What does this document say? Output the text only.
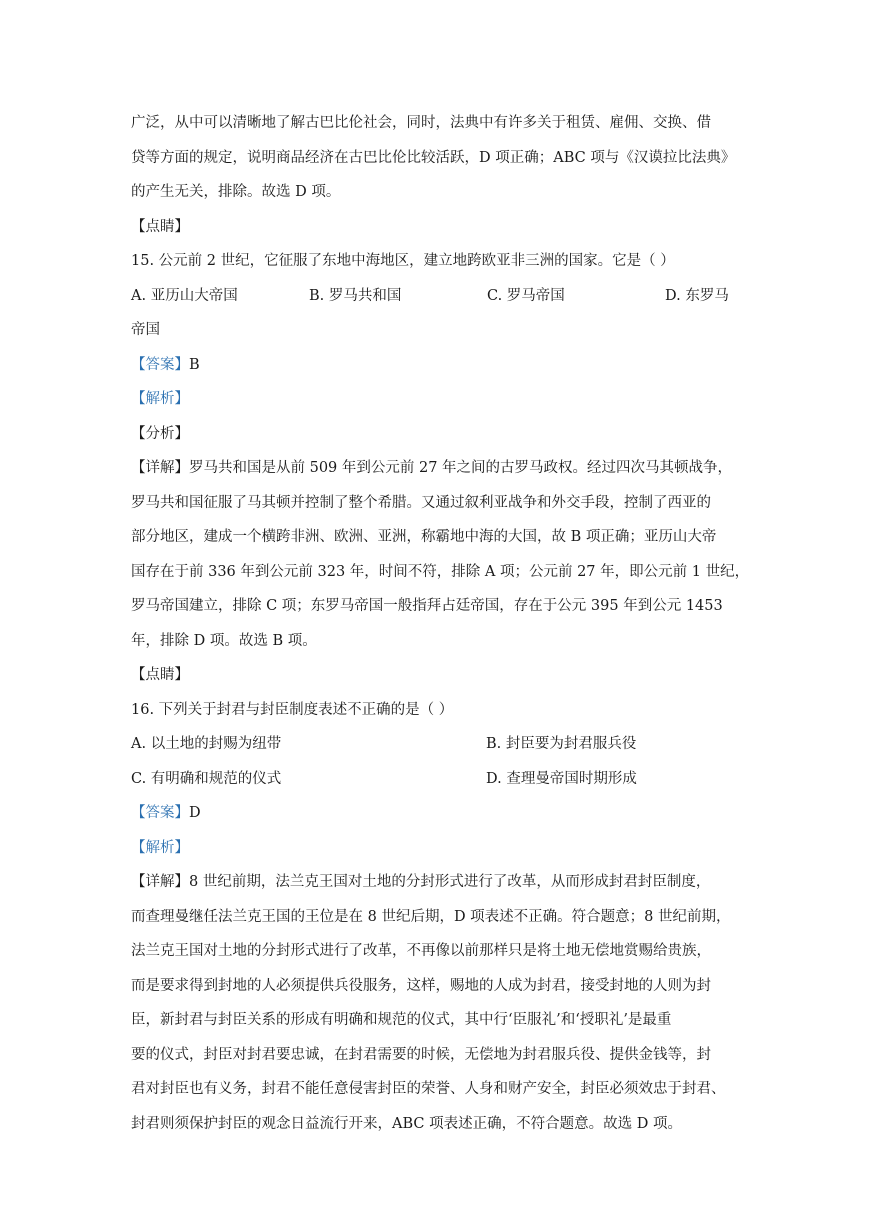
广泛，从中可以清晰地了解古巴比伦社会，同时，法典中有许多关于租赁、雇佣、交换、借
贷等方面的规定，说明商品经济在古巴比伦比较活跃，D 项正确；ABC 项与《汉谟拉比法典》
的产生无关，排除。故选 D 项。
【点睛】
15. 公元前 2 世纪，它征服了东地中海地区，建立地跨欧亚非三洲的国家。它是（ ）
A. 亚历山大帝国	B. 罗马共和国	C. 罗马帝国	D. 东罗马
帝国
【答案】B
【解析】
【分析】
【详解】罗马共和国是从前 509 年到公元前 27 年之间的古罗马政权。经过四次马其顿战争，
罗马共和国征服了马其顿并控制了整个希腊。又通过叙利亚战争和外交手段，控制了西亚的
部分地区，建成一个横跨非洲、欧洲、亚洲，称霸地中海的大国，故 B 项正确；亚历山大帝
国存在于前 336 年到公元前 323 年，时间不符，排除 A 项；公元前 27 年，即公元前 1 世纪，
罗马帝国建立，排除 C 项；东罗马帝国一般指拜占廷帝国，存在于公元 395 年到公元 1453
年，排除 D 项。故选 B 项。
【点睛】
16. 下列关于封君与封臣制度表述不正确的是（ ）
A. 以土地的封赐为纽带	B. 封臣要为封君服兵役
C. 有明确和规范的仪式	D. 查理曼帝国时期形成
【答案】D
【解析】
【详解】8 世纪前期，法兰克王国对土地的分封形式进行了改革，从而形成封君封臣制度，
而查理曼继任法兰克王国的王位是在 8 世纪后期，D 项表述不正确。符合题意；8 世纪前期，
法兰克王国对土地的分封形式进行了改革，不再像以前那样只是将土地无偿地赏赐给贵族，
而是要求得到封地的人必须提供兵役服务，这样，赐地的人成为封君，接受封地的人则为封
臣，新封君与封臣关系的形成有明确和规范的仪式，其中行‘臣服礼’和‘授职礼’是最重
要的仪式，封臣对封君要忠诚，在封君需要的时候，无偿地为封君服兵役、提供金钱等，封
君对封臣也有义务，封君不能任意侵害封臣的荣誉、人身和财产安全，封臣必须效忠于封君、
封君则须保护封臣的观念日益流行开来，ABC 项表述正确，不符合题意。故选 D 项。
